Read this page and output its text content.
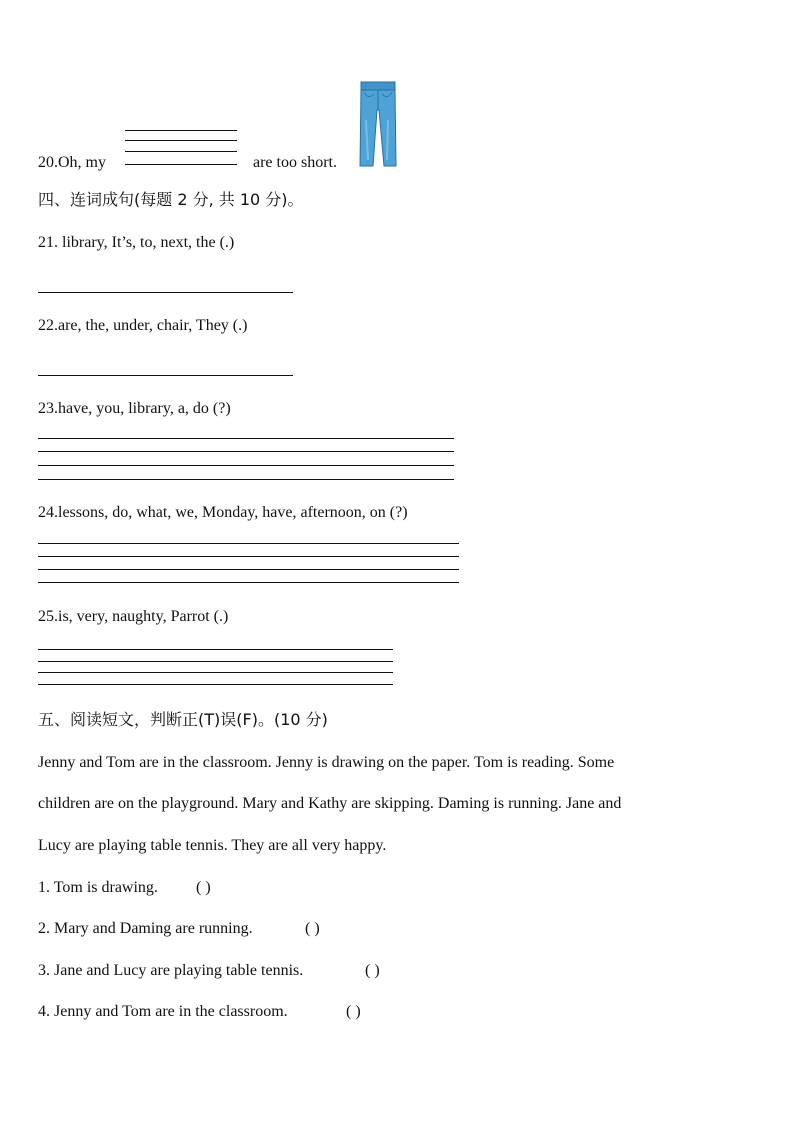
20.Oh, my	are too short.
四、连词成句(每题 2 分, 共 10 分)。
21. library, It’s, to, next, the (.)
22.are, the, under, chair, They (.)
23.have, you, library, a, do (?)
24.lessons, do, what, we, Monday, have, afternoon, on (?)
25.is, very, naughty, Parrot (.)
五、阅读短文，判断正(T)误(F)。(10 分)
Jenny and Tom are in the classroom. Jenny is drawing on the paper. Tom is reading. Some
children are on the playground. Mary and Kathy are skipping. Daming is running. Jane and
Lucy are playing table tennis. They are all very happy.
1. Tom is drawing. ( )
2. Mary and Daming are running.	( )
3. Jane and Lucy are playing table tennis.	( )
4. Jenny and Tom are in the classroom.	( )
